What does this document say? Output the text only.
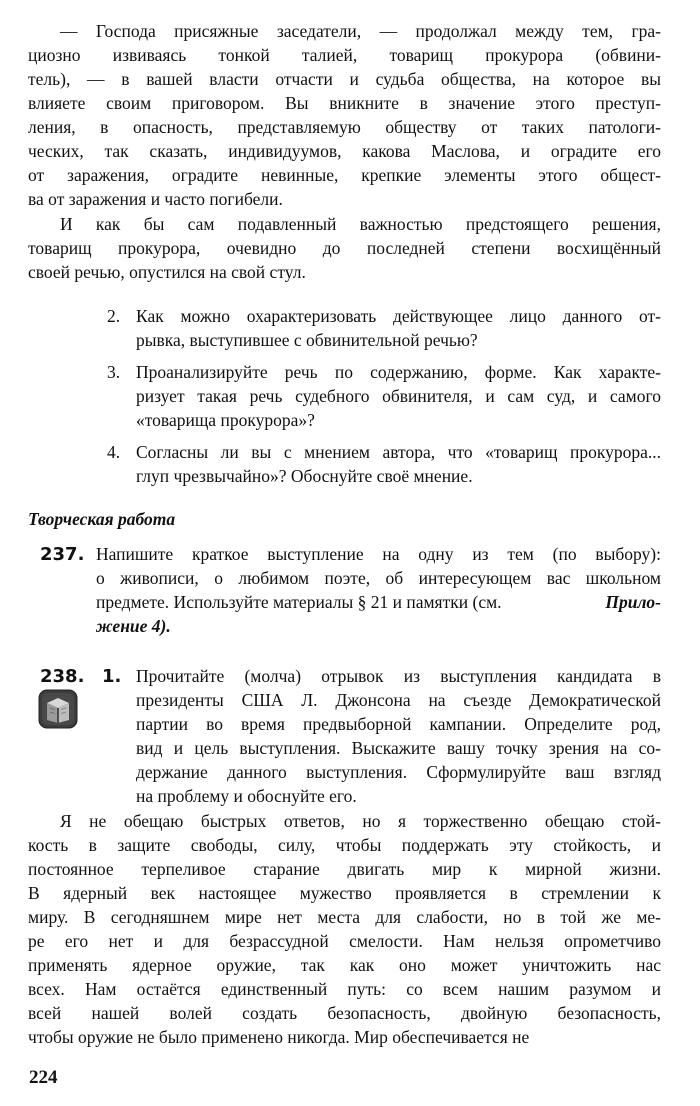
— Господа присяжные заседатели, — продолжал между тем, гра-
циозно извиваясь тонкой талией, товарищ прокурора (обвини-
тель), — в вашей власти отчасти и судьба общества, на которое вы
влияете своим приговором. Вы вникните в значение этого преступ-
ления, в опасность, представляемую обществу от таких патологи-
ческих, так сказать, индивидуумов, какова Маслова, и оградите его
от заражения, оградите невинные, крепкие элементы этого общест-
ва от заражения и часто погибели.
И как бы сам подавленный важностью предстоящего решения,
товарищ прокурора, очевидно до последней степени восхищённый
своей речью, опустился на свой стул.
2. Как можно охарактеризовать действующее лицо данного от-
рывка, выступившее с обвинительной речью?
3. Проанализируйте речь по содержанию, форме. Как характе-
ризует такая речь судебного обвинителя, и сам суд, и самого
«товарища прокурора»?
4. Согласны ли вы с мнением автора, что «товарищ прокурора...
глуп чрезвычайно»? Обоснуйте своё мнение.
Творческая работа
237. Напишите краткое выступление на одну из тем (по выбору):
о живописи, о любимом поэте, об интересующем вас школьном
предмете. Используйте материалы § 21 и памятки (см.	Прило-
жение 4).
238. 1. Прочитайте (молча) отрывок из выступления кандидата в
президенты США Л. Джонсона на съезде Демократической
партии во время предвыборной кампании. Определите род,
вид и цель выступления. Выскажите вашу точку зрения на со-
держание данного выступления. Сформулируйте ваш взгляд
на проблему и обоснуйте его.
Я не обещаю быстрых ответов, но я торжественно обещаю стой-
кость в защите свободы, силу, чтобы поддержать эту стойкость, и
постоянное терпеливое старание двигать мир к мирной жизни.
В ядерный век настоящее мужество проявляется в стремлении к
миру. В сегодняшнем мире нет места для слабости, но в той же ме-
ре его нет и для безрассудной смелости. Нам нельзя опрометчиво
применять ядерное оружие, так как оно может уничтожить нас
всех. Нам остаётся единственный путь: со всем нашим разумом и
всей нашей волей создать безопасность, двойную безопасность,
чтобы оружие не было применено никогда. Мир обеспечивается не
224
